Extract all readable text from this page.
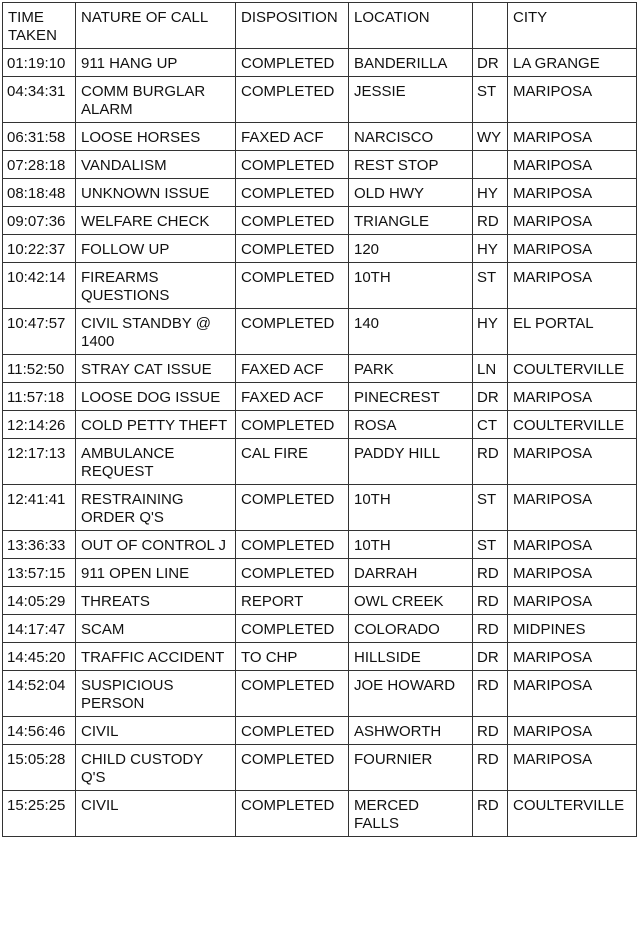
TIME TAKEN	NATURE OF CALL	DISPOSITION	LOCATION		CITY
01:19:10	911 HANG UP	COMPLETED	BANDERILLA	DR	LA GRANGE
04:34:31	COMM BURGLAR ALARM	COMPLETED	JESSIE	ST	MARIPOSA
06:31:58	LOOSE HORSES	FAXED ACF	NARCISCO	WY	MARIPOSA
07:28:18	VANDALISM	COMPLETED	REST STOP		MARIPOSA
08:18:48	UNKNOWN ISSUE	COMPLETED	OLD HWY	HY	MARIPOSA
09:07:36	WELFARE CHECK	COMPLETED	TRIANGLE	RD	MARIPOSA
10:22:37	FOLLOW UP	COMPLETED	120	HY	MARIPOSA
10:42:14	FIREARMS QUESTIONS	COMPLETED	10TH	ST	MARIPOSA
10:47:57	CIVIL STANDBY @ 1400	COMPLETED	140	HY	EL PORTAL
11:52:50	STRAY CAT ISSUE	FAXED ACF	PARK	LN	COULTERVILLE
11:57:18	LOOSE DOG ISSUE	FAXED ACF	PINECREST	DR	MARIPOSA
12:14:26	COLD PETTY THEFT	COMPLETED	ROSA	CT	COULTERVILLE
12:17:13	AMBULANCE REQUEST	CAL FIRE	PADDY HILL	RD	MARIPOSA
12:41:41	RESTRAINING ORDER Q'S	COMPLETED	10TH	ST	MARIPOSA
13:36:33	OUT OF CONTROL J	COMPLETED	10TH	ST	MARIPOSA
13:57:15	911 OPEN LINE	COMPLETED	DARRAH	RD	MARIPOSA
14:05:29	THREATS	REPORT	OWL CREEK	RD	MARIPOSA
14:17:47	SCAM	COMPLETED	COLORADO	RD	MIDPINES
14:45:20	TRAFFIC ACCIDENT	TO CHP	HILLSIDE	DR	MARIPOSA
14:52:04	SUSPICIOUS PERSON	COMPLETED	JOE HOWARD	RD	MARIPOSA
14:56:46	CIVIL	COMPLETED	ASHWORTH	RD	MARIPOSA
15:05:28	CHILD CUSTODY Q'S	COMPLETED	FOURNIER	RD	MARIPOSA
15:25:25	CIVIL	COMPLETED	MERCED FALLS	RD	COULTERVILLE
